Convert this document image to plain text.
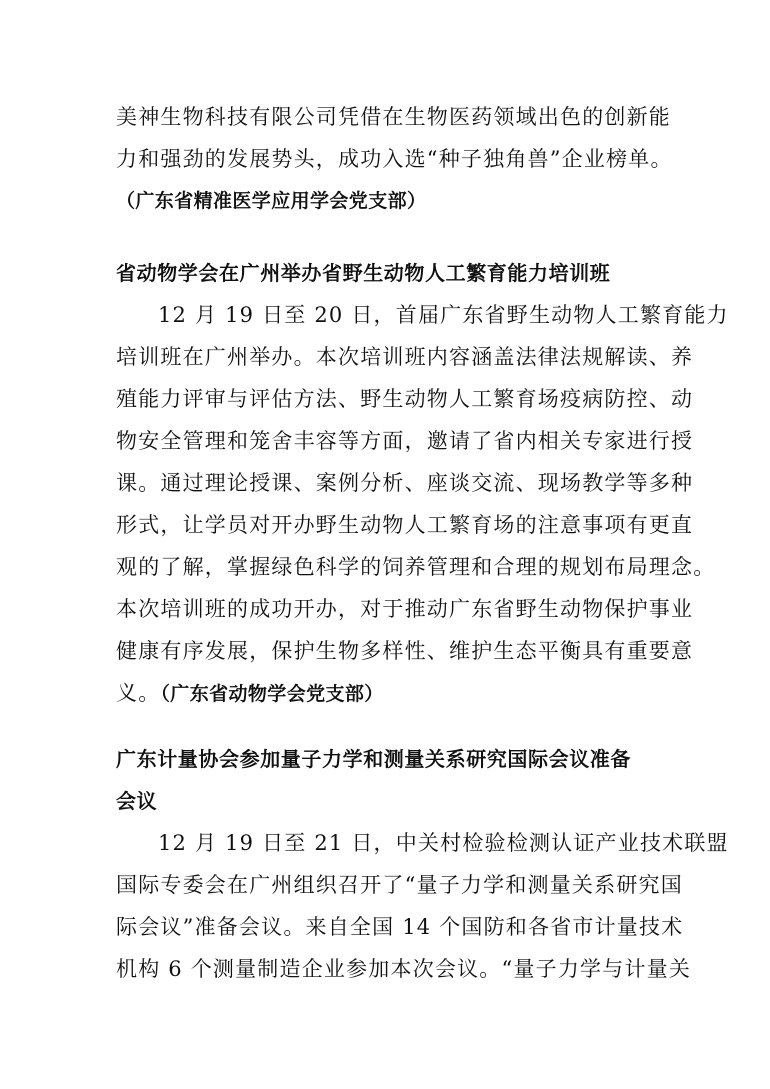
美神生物科技有限公司凭借在生物医药领域出色的创新能
力和强劲的发展势头，成功入选“种子独角兽”企业榜单。
（广东省精准医学应用学会党支部）
省动物学会在广州举办省野生动物人工繁育能力培训班
12 月 19 日至 20 日，首届广东省野生动物人工繁育能力
培训班在广州举办。本次培训班内容涵盖法律法规解读、养
殖能力评审与评估方法、野生动物人工繁育场疫病防控、动
物安全管理和笼舍丰容等方面，邀请了省内相关专家进行授
课。通过理论授课、案例分析、座谈交流、现场教学等多种
形式，让学员对开办野生动物人工繁育场的注意事项有更直
观的了解，掌握绿色科学的饲养管理和合理的规划布局理念。
本次培训班的成功开办，对于推动广东省野生动物保护事业
健康有序发展，保护生物多样性、维护生态平衡具有重要意
义。（广东省动物学会党支部）
广东计量协会参加量子力学和测量关系研究国际会议准备
会议
12 月 19 日至 21 日，中关村检验检测认证产业技术联盟
国际专委会在广州组织召开了“量子力学和测量关系研究国
际会议”准备会议。来自全国 14 个国防和各省市计量技术
机构 6 个测量制造企业参加本次会议。“量子力学与计量关
